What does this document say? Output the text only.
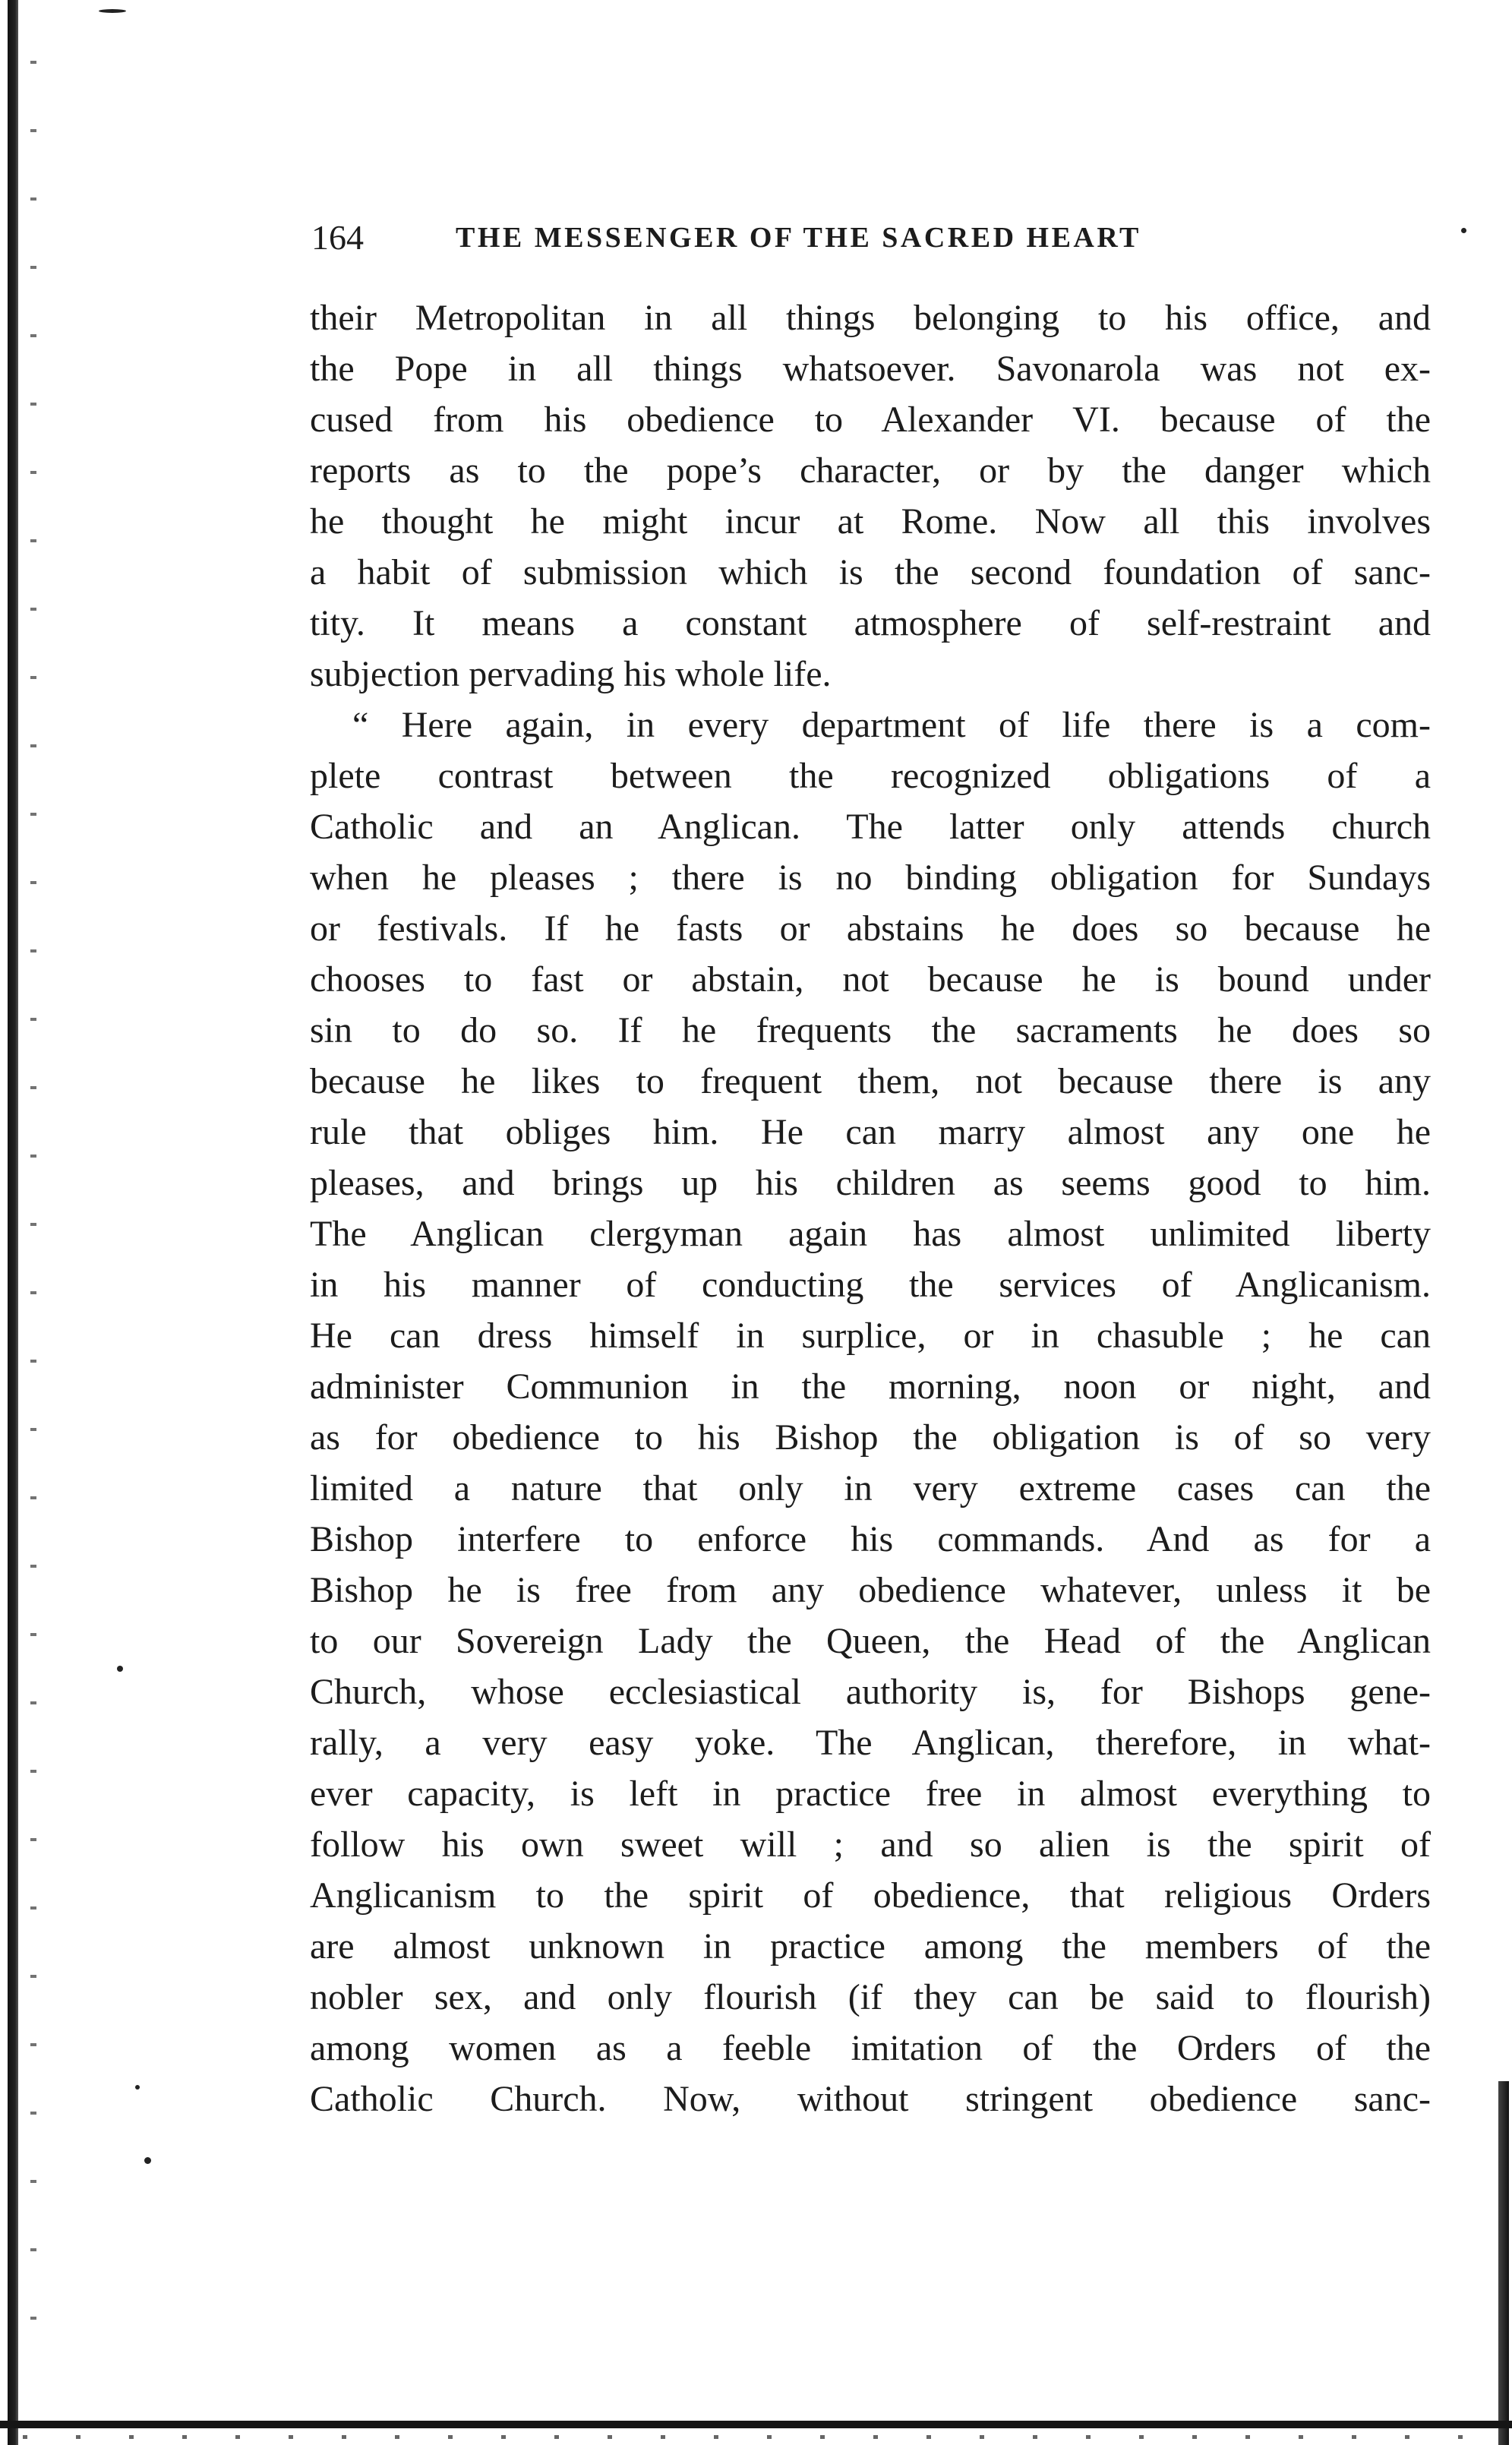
164	THE MESSENGER OF THE SACRED HEART
their Metropolitan in all things belonging to his office, and
the Pope in all things whatsoever. Savonarola was not ex-
cused from his obedience to Alexander VI. because of the
reports as to the pope’s character, or by the danger which
he thought he might incur at Rome. Now all this involves
a habit of submission which is the second foundation of sanc-
tity. It means a constant atmosphere of self-restraint and
subjection pervading his whole life.
“ Here again, in every department of life there is a com-
plete contrast between the recognized obligations of a
Catholic and an Anglican. The latter only attends church
when he pleases ; there is no binding obligation for Sundays
or festivals. If he fasts or abstains he does so because he
chooses to fast or abstain, not because he is bound under
sin to do so. If he frequents the sacraments he does so
because he likes to frequent them, not because there is any
rule that obliges him. He can marry almost any one he
pleases, and brings up his children as seems good to him.
The Anglican clergyman again has almost unlimited liberty
in his manner of conducting the services of Anglicanism.
He can dress himself in surplice, or in chasuble ; he can
administer Communion in the morning, noon or night, and
as for obedience to his Bishop the obligation is of so very
limited a nature that only in very extreme cases can the
Bishop interfere to enforce his commands. And as for a
Bishop he is free from any obedience whatever, unless it be
to our Sovereign Lady the Queen, the Head of the Anglican
Church, whose ecclesiastical authority is, for Bishops gene-
rally, a very easy yoke. The Anglican, therefore, in what-
ever capacity, is left in practice free in almost everything to
follow his own sweet will ; and so alien is the spirit of
Anglicanism to the spirit of obedience, that religious Orders
are almost unknown in practice among the members of the
nobler sex, and only flourish (if they can be said to flourish)
among women as a feeble imitation of the Orders of the
Catholic Church. Now, without stringent obedience sanc-
